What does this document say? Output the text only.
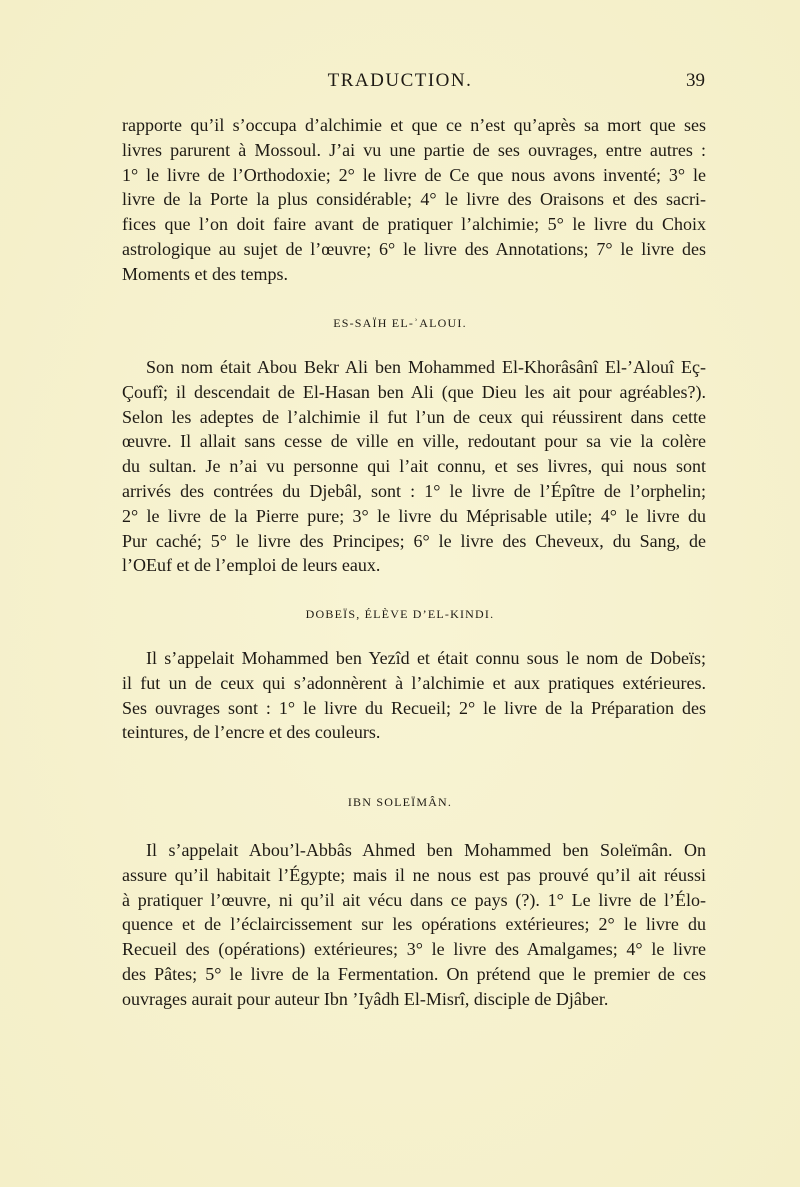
TRADUCTION.	39
rapporte qu’il s’occupa d’alchimie et que ce n’est qu’après sa mort que ses
livres parurent à Mossoul. J’ai vu une partie de ses ouvrages, entre autres :
1° le livre de l’Orthodoxie; 2° le livre de Ce que nous avons inventé; 3° le
livre de la Porte la plus considérable; 4° le livre des Oraisons et des sacri-
fices que l’on doit faire avant de pratiquer l’alchimie; 5° le livre du Choix
astrologique au sujet de l’œuvre; 6° le livre des Annotations; 7° le livre des
Moments et des temps.
ES-SAÏH EL-ʾALOUI.
Son nom était Abou Bekr Ali ben Mohammed El-Khorâsânî El-’Alouî Eç-
Çoufî; il descendait de El-Hasan ben Ali (que Dieu les ait pour agréables?).
Selon les adeptes de l’alchimie il fut l’un de ceux qui réussirent dans cette
œuvre. Il allait sans cesse de ville en ville, redoutant pour sa vie la colère
du sultan. Je n’ai vu personne qui l’ait connu, et ses livres, qui nous sont
arrivés des contrées du Djebâl, sont : 1° le livre de l’Épître de l’orphelin;
2° le livre de la Pierre pure; 3° le livre du Méprisable utile; 4° le livre du
Pur caché; 5° le livre des Principes; 6° le livre des Cheveux, du Sang, de
l’OEuf et de l’emploi de leurs eaux.
DOBEÏS, ÉLÈVE D’EL-KINDI.
Il s’appelait Mohammed ben Yezîd et était connu sous le nom de Dobeïs;
il fut un de ceux qui s’adonnèrent à l’alchimie et aux pratiques extérieures.
Ses ouvrages sont : 1° le livre du Recueil; 2° le livre de la Préparation des
teintures, de l’encre et des couleurs.
IBN SOLEÏMÂN.
Il s’appelait Abou’l-Abbâs Ahmed ben Mohammed ben Soleïmân. On
assure qu’il habitait l’Égypte; mais il ne nous est pas prouvé qu’il ait réussi
à pratiquer l’œuvre, ni qu’il ait vécu dans ce pays (?). 1° Le livre de l’Élo-
quence et de l’éclaircissement sur les opérations extérieures; 2° le livre du
Recueil des (opérations) extérieures; 3° le livre des Amalgames; 4° le livre
des Pâtes; 5° le livre de la Fermentation. On prétend que le premier de ces
ouvrages aurait pour auteur Ibn ’Iyâdh El-Misrî, disciple de Djâber.
